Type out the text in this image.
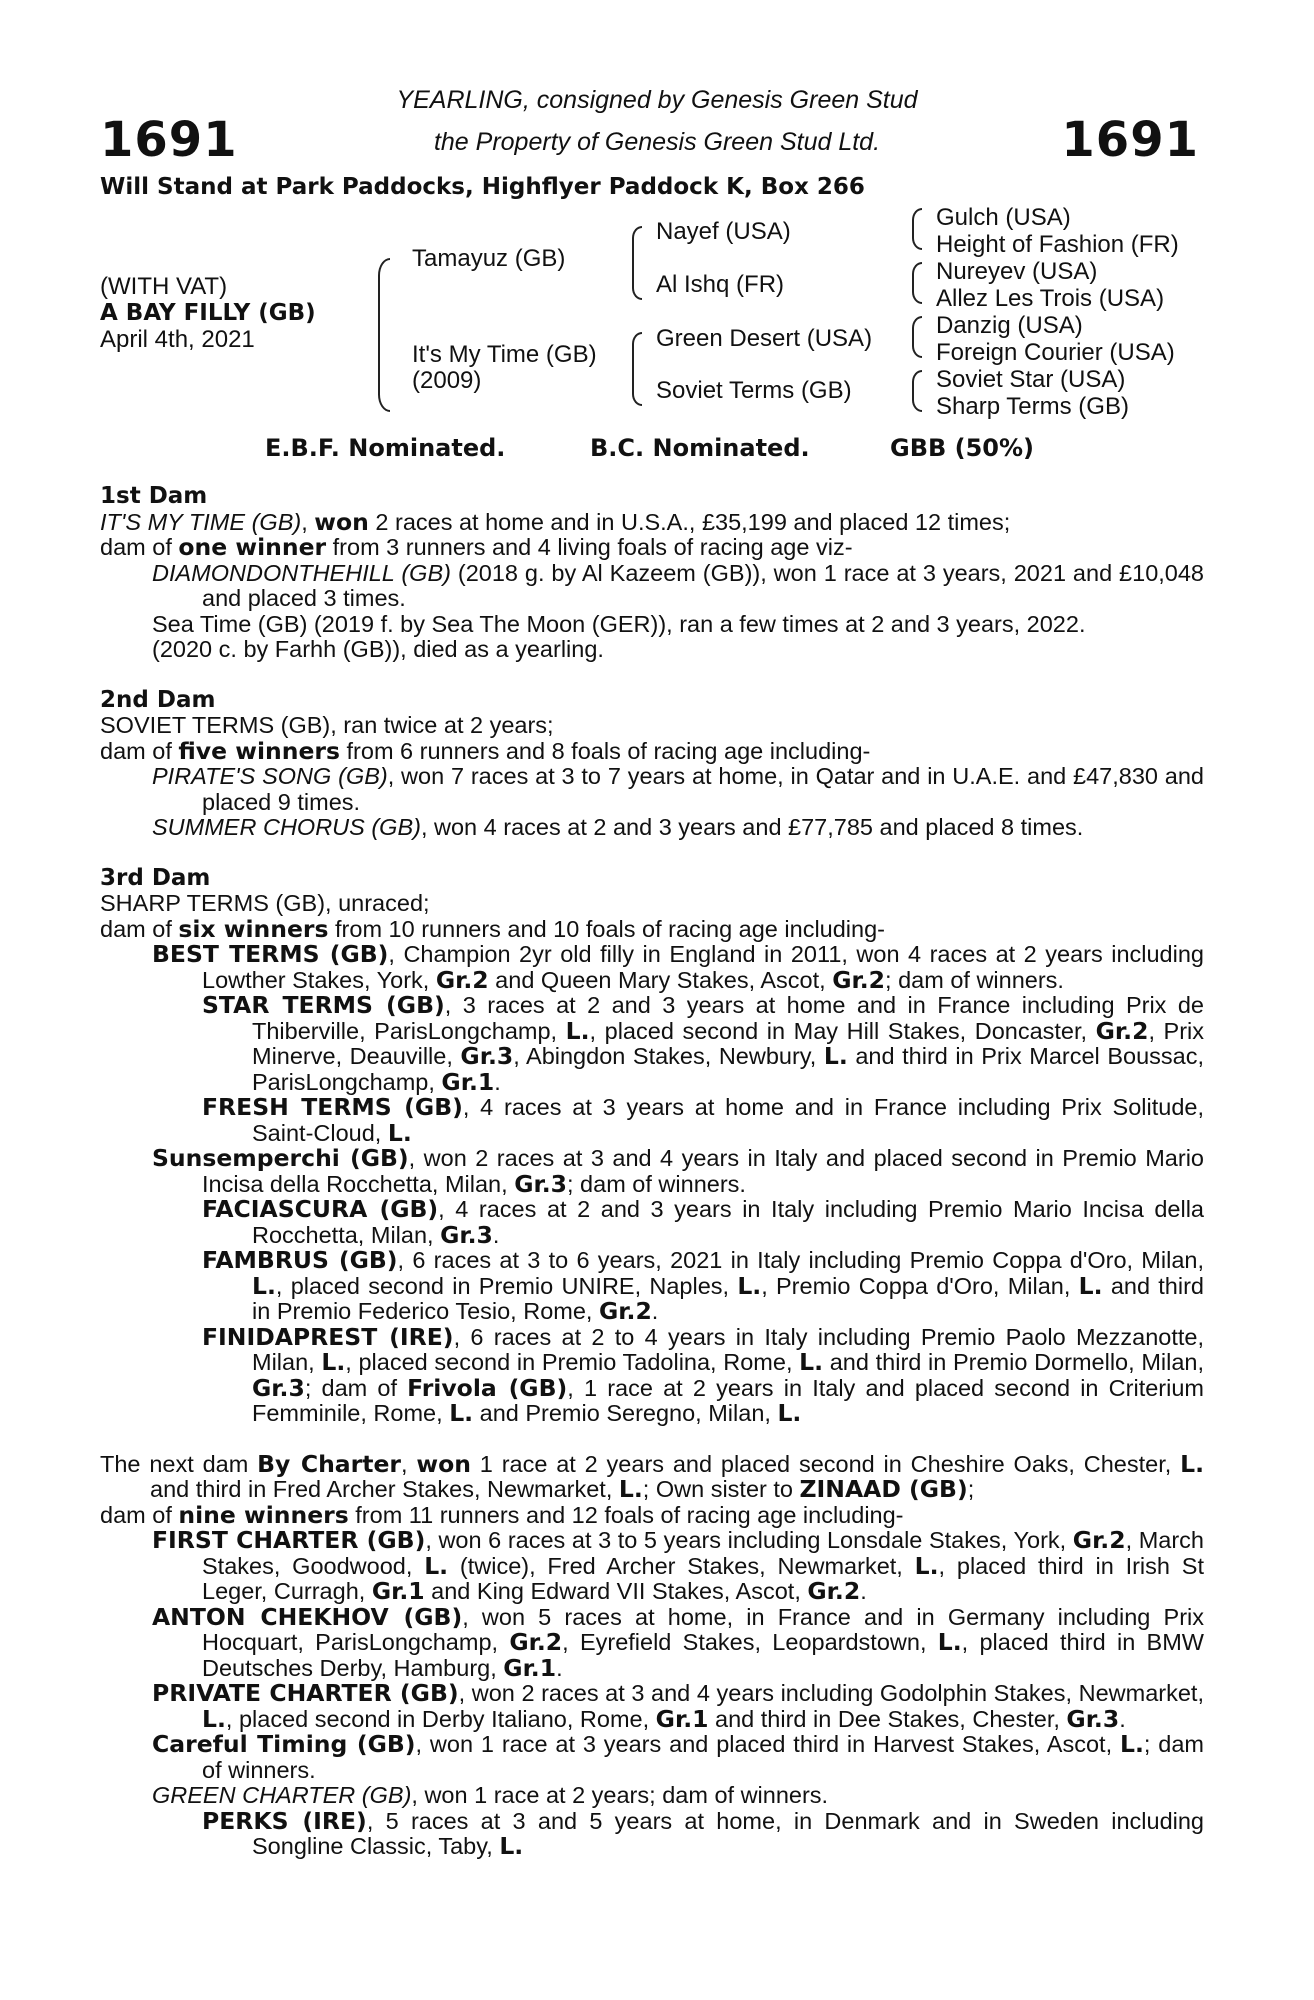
1691	1691
YEARLING, consigned by Genesis Green Stud
the Property of Genesis Green Stud Ltd.
Will Stand at Park Paddocks, Highflyer Paddock K, Box 266
(WITH VAT)
A BAY FILLY (GB)
April 4th, 2021
Tamayuz (GB)
It's My Time (GB)
(2009)
Nayef (USA)
Al Ishq (FR)
Green Desert (USA)
Soviet Terms (GB)
Gulch (USA)
Height of Fashion (FR)
Nureyev (USA)
Allez Les Trois (USA)
Danzig (USA)
Foreign Courier (USA)
Soviet Star (USA)
Sharp Terms (GB)
E.B.F. Nominated.	B.C. Nominated.	GBB (50%)

1st Dam

IT'S MY TIME (GB), won 2 races at home and in U.S.A., £35,199 and placed 12 times;

dam of one winner from 3 runners and 4 living foals of racing age viz-

DIAMONDONTHEHILL (GB) (2018 g. by Al Kazeem (GB)), won 1 race at 3 years, 2021 and £10,048 and placed 3 times.

Sea Time (GB) (2019 f. by Sea The Moon (GER)), ran a few times at 2 and 3 years, 2022.

(2020 c. by Farhh (GB)), died as a yearling.

2nd Dam

SOVIET TERMS (GB), ran twice at 2 years;

dam of five winners from 6 runners and 8 foals of racing age including-

PIRATE'S SONG (GB), won 7 races at 3 to 7 years at home, in Qatar and in U.A.E. and £47,830 and placed 9 times.

SUMMER CHORUS (GB), won 4 races at 2 and 3 years and £77,785 and placed 8 times.

3rd Dam

SHARP TERMS (GB), unraced;

dam of six winners from 10 runners and 10 foals of racing age including-

BEST TERMS (GB), Champion 2yr old filly in England in 2011, won 4 races at 2 years including Lowther Stakes, York, Gr.2 and Queen Mary Stakes, Ascot, Gr.2; dam of winners.

STAR TERMS (GB), 3 races at 2 and 3 years at home and in France including Prix de Thiberville, ParisLongchamp, L., placed second in May Hill Stakes, Doncaster, Gr.2, Prix Minerve, Deauville, Gr.3, Abingdon Stakes, Newbury, L. and third in Prix Marcel Boussac, ParisLongchamp, Gr.1.

FRESH TERMS (GB), 4 races at 3 years at home and in France including Prix Solitude, Saint-Cloud, L.

Sunsemperchi (GB), won 2 races at 3 and 4 years in Italy and placed second in Premio Mario Incisa della Rocchetta, Milan, Gr.3; dam of winners.

FACIASCURA (GB), 4 races at 2 and 3 years in Italy including Premio Mario Incisa della Rocchetta, Milan, Gr.3.

FAMBRUS (GB), 6 races at 3 to 6 years, 2021 in Italy including Premio Coppa d'Oro, Milan, L., placed second in Premio UNIRE, Naples, L., Premio Coppa d'Oro, Milan, L. and third in Premio Federico Tesio, Rome, Gr.2.

FINIDAPREST (IRE), 6 races at 2 to 4 years in Italy including Premio Paolo Mezzanotte, Milan, L., placed second in Premio Tadolina, Rome, L. and third in Premio Dormello, Milan, Gr.3; dam of Frivola (GB), 1 race at 2 years in Italy and placed second in Criterium Femminile, Rome, L. and Premio Seregno, Milan, L.

The next dam By Charter, won 1 race at 2 years and placed second in Cheshire Oaks, Chester, L. and third in Fred Archer Stakes, Newmarket, L.; Own sister to ZINAAD (GB);

dam of nine winners from 11 runners and 12 foals of racing age including-

FIRST CHARTER (GB), won 6 races at 3 to 5 years including Lonsdale Stakes, York, Gr.2, March Stakes, Goodwood, L. (twice), Fred Archer Stakes, Newmarket, L., placed third in Irish St Leger, Curragh, Gr.1 and King Edward VII Stakes, Ascot, Gr.2.

ANTON CHEKHOV (GB), won 5 races at home, in France and in Germany including Prix Hocquart, ParisLongchamp, Gr.2, Eyrefield Stakes, Leopardstown, L., placed third in BMW Deutsches Derby, Hamburg, Gr.1.

PRIVATE CHARTER (GB), won 2 races at 3 and 4 years including Godolphin Stakes, Newmarket, L., placed second in Derby Italiano, Rome, Gr.1 and third in Dee Stakes, Chester, Gr.3.

Careful Timing (GB), won 1 race at 3 years and placed third in Harvest Stakes, Ascot, L.; dam of winners.

GREEN CHARTER (GB), won 1 race at 2 years; dam of winners.

PERKS (IRE), 5 races at 3 and 5 years at home, in Denmark and in Sweden including Songline Classic, Taby, L.
